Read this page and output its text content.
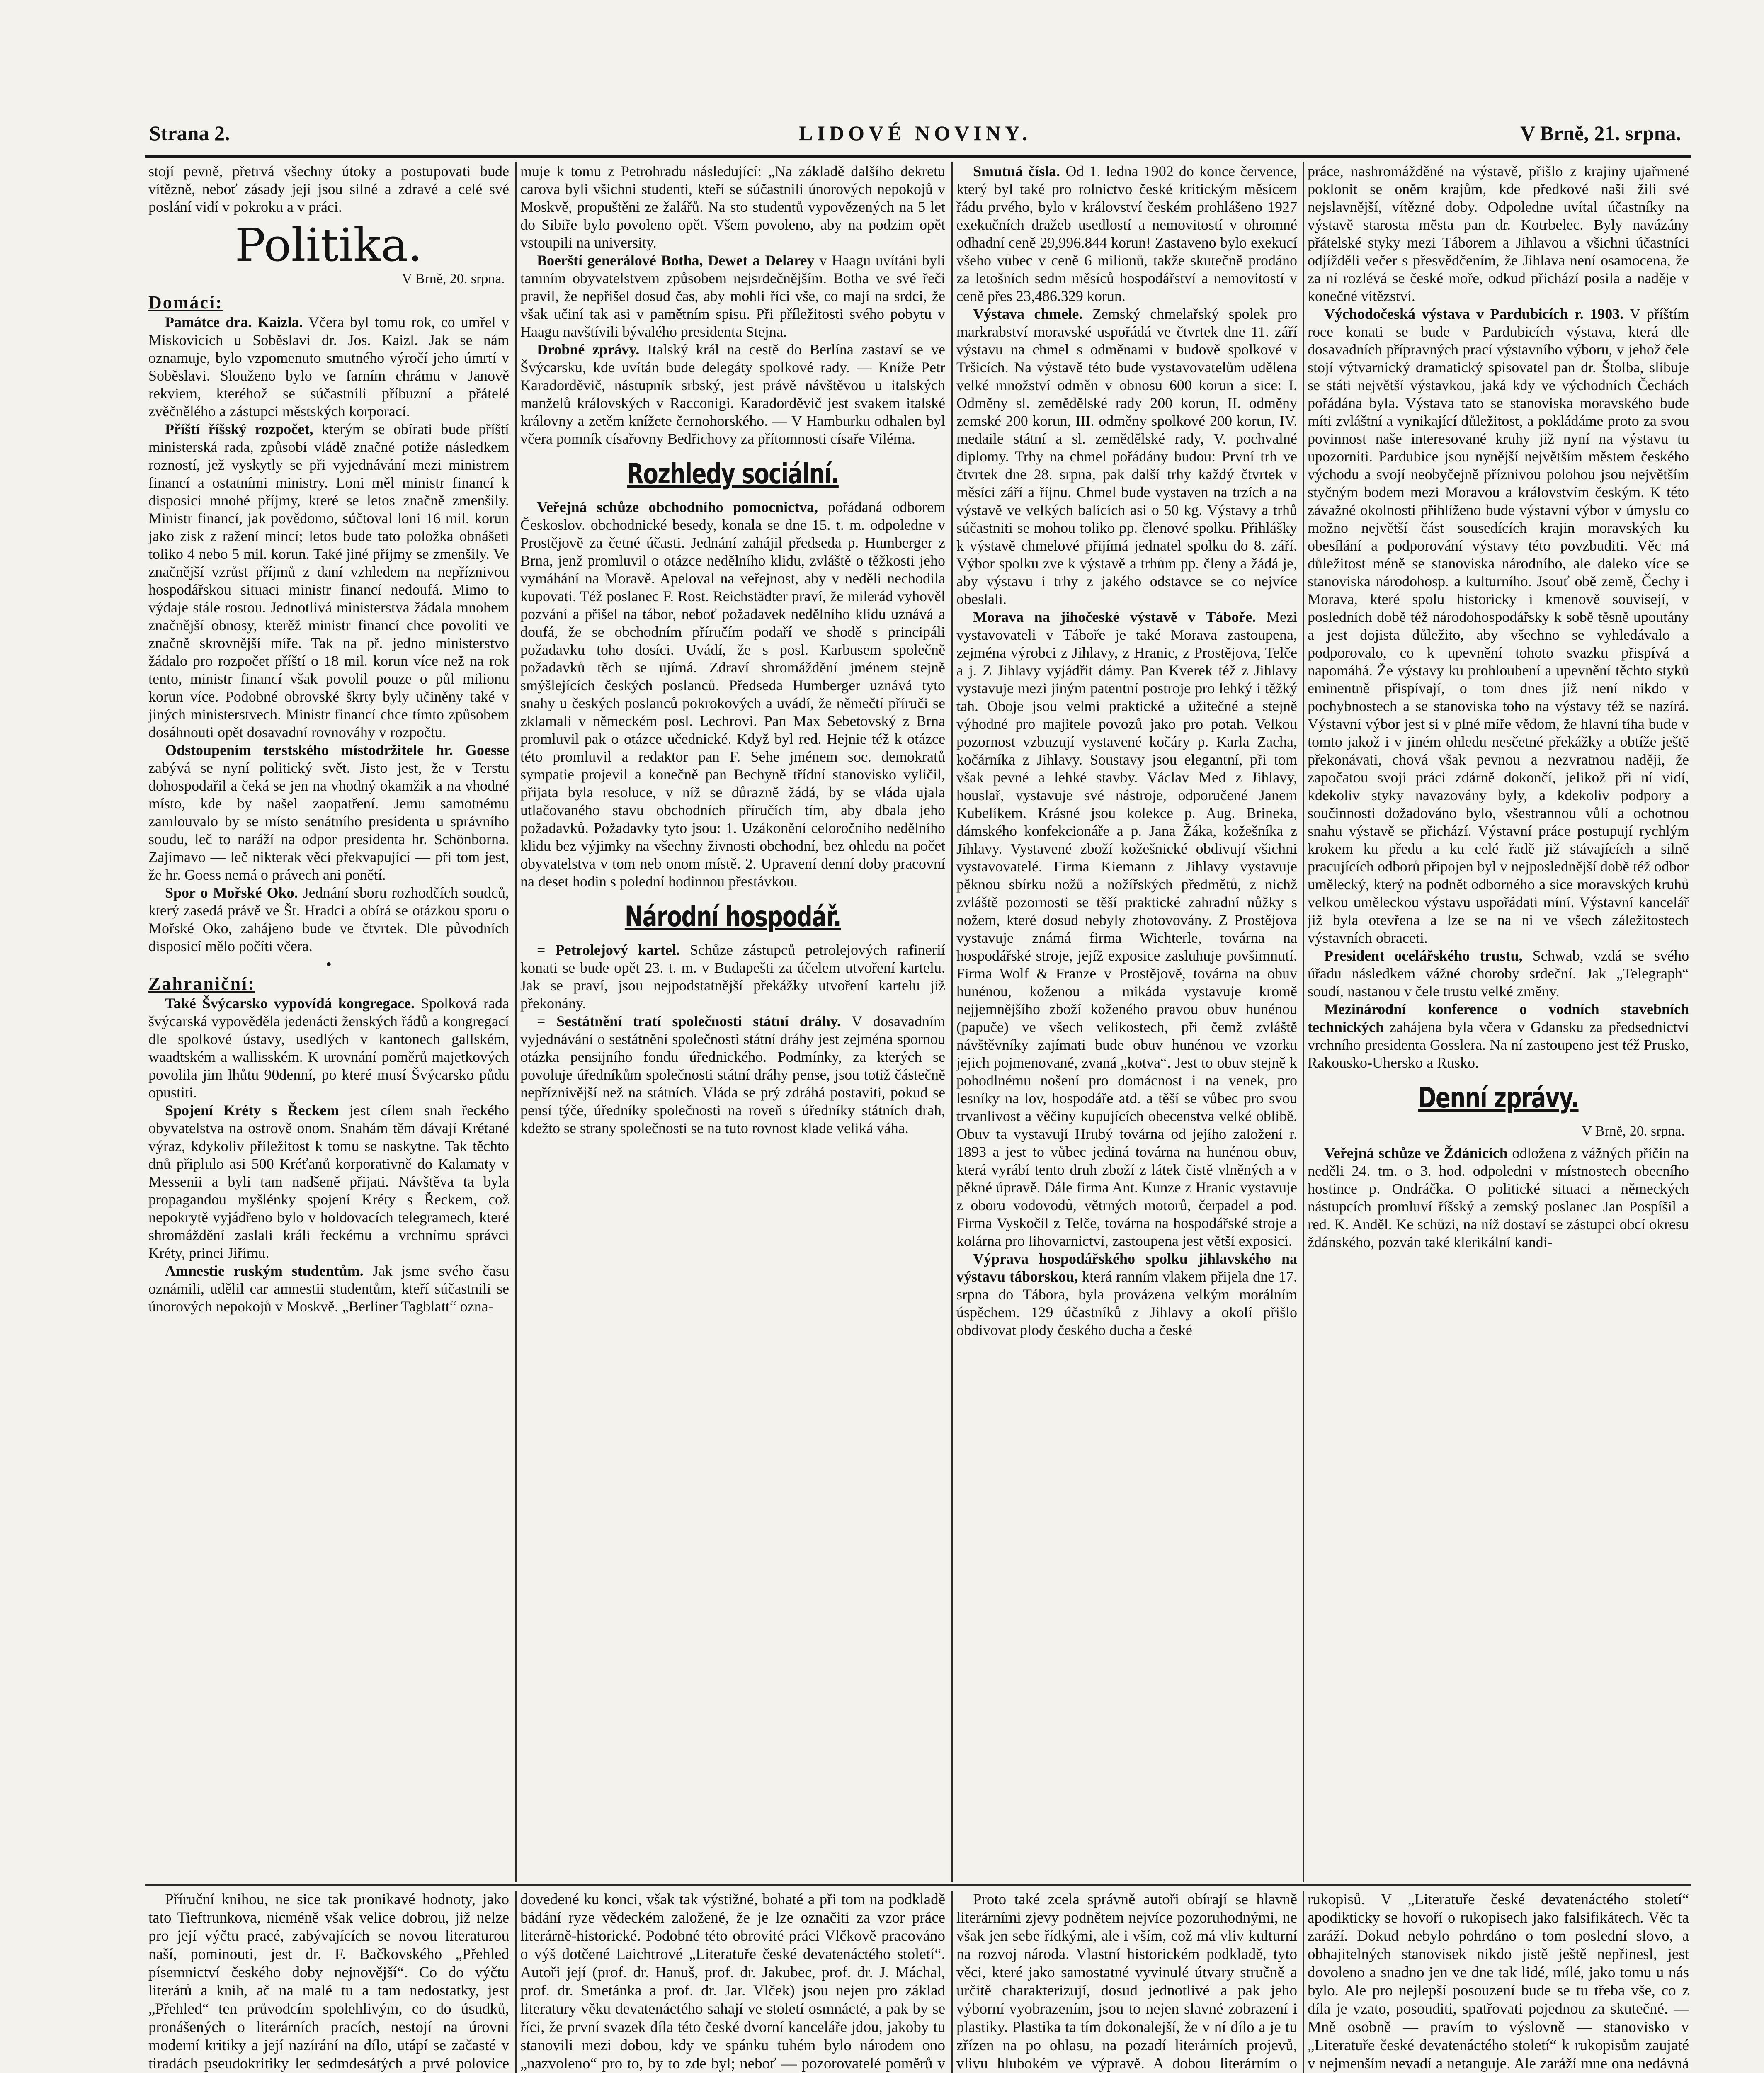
Strana 2.	LIDOVÉ NOVINY.	V Brně, 21. srpna.

stojí pevně, přetrvá všechny útoky a postupovati bude vítězně, neboť zásady její jsou silné a zdravé a celé své poslání vidí v pokroku a v práci.

Politika.
V Brně, 20. srpna.

Domácí:

Památce dra. Kaizla. Včera byl tomu rok, co umřel v Miskovicích u Soběslavi dr. Jos. Kaizl. Jak se nám oznamuje, bylo vzpomenuto smutného výročí jeho úmrtí v Soběslavi. Slouženo bylo ve farním chrámu v Janově rekviem, kteréhož se súčastnili příbuzní a přátelé zvěčnělého a zástupci městských korporací.

Příští říšský rozpočet, kterým se obírati bude příští ministerská rada, způsobí vládě značné potíže následkem rozností, jež vyskytly se při vyjednávání mezi ministrem financí a ostatními ministry. Loni měl ministr financí k disposici mnohé příjmy, které se letos značně zmenšily. Ministr financí, jak povědomo, súčtoval loni 16 mil. korun jako zisk z ražení mincí; letos bude tato položka obnášeti toliko 4 nebo 5 mil. korun. Také jiné příjmy se zmenšily. Ve značnější vzrůst příjmů z daní vzhledem na nepříznivou hospodářskou situaci ministr financí nedoufá. Mimo to výdaje stále rostou. Jednotlivá ministerstva žádala mnohem značnější obnosy, kterěž ministr financí chce povoliti ve značně skrovnější míře. Tak na př. jedno ministerstvo žádalo pro rozpočet příští o 18 mil. korun více než na rok tento, ministr financí však povolil pouze o půl milionu korun více. Podobné obrovské škrty byly učiněny také v jiných ministerstvech. Ministr financí chce tímto způsobem dosáhnouti opět dosavadní rovnováhy v rozpočtu.

Odstoupením terstského místodržitele hr. Goesse zabývá se nyní politický svět. Jisto jest, že v Terstu dohospodařil a čeká se jen na vhodný okamžik a na vhodné místo, kde by našel zaopatření. Jemu samotnému zamlouvalo by se místo senátního presidenta u správního soudu, leč to naráží na odpor presidenta hr. Schönborna. Zajímavo — leč nikterak věcí překvapující — při tom jest, že hr. Goess nemá o právech ani ponětí.

Spor o Mořské Oko. Jednání sboru rozhodčích soudců, který zasedá právě ve Št. Hradci a obírá se otázkou sporu o Mořské Oko, zahájeno bude ve čtvrtek. Dle původních disposicí mělo počíti včera.

•

Zahraniční:

Také Švýcarsko vypovídá kongregace. Spolková rada švýcarská vypověděla jedenácti ženských řádů a kongregací dle spolkové ústavy, usedlých v kantonech gallském, waadtském a wallisském. K urovnání poměrů majetkových povolila jim lhůtu 90denní, po které musí Švýcarsko půdu opustiti.

Spojení Kréty s Řeckem jest cílem snah řeckého obyvatelstva na ostrově onom. Snahám těm dávají Krétané výraz, kdykoliv příležitost k tomu se naskytne. Tak těchto dnů připlulo asi 500 Kréťanů korporativně do Kalamaty v Messenii a byli tam nadšeně přijati. Návštěva ta byla propagandou myšlénky spojení Kréty s Řeckem, což nepokrytě vyjádřeno bylo v holdovacích telegramech, které shromáždění zaslali králi řeckému a vrchnímu správci Kréty, princi Jiřímu.

Amnestie ruským studentům. Jak jsme svého času oznámili, udělil car amnestii studentům, kteří súčastnili se únorových nepokojů v Moskvě. „Berliner Tagblatt“ ozna-

muje k tomu z Petrohradu následující: „Na základě dalšího dekretu carova byli všichni studenti, kteří se súčastnili únorových nepokojů v Moskvě, propuštěni ze žalářů. Na sto studentů vypovězených na 5 let do Sibiře bylo povoleno opět. Všem povoleno, aby na podzim opět vstoupili na university.

Boerští generálové Botha, Dewet a Delarey v Haagu uvítáni byli tamním obyvatelstvem způsobem nejsrdečnějším. Botha ve své řeči pravil, že nepřišel dosud čas, aby mohli říci vše, co mají na srdci, že však učiní tak asi v pamětním spisu. Při příležitosti svého pobytu v Haagu navštívili bývalého presidenta Stejna.

Drobné zprávy. Italský král na cestě do Berlína zastaví se ve Švýcarsku, kde uvítán bude delegáty spolkové rady. — Kníže Petr Karadorděvič, nástupník srbský, jest právě návštěvou u italských manželů královských v Racconigi. Karadorděvič jest svakem italské královny a zetěm knížete černohorského. — V Hamburku odhalen byl včera pomník císařovny Bedřichovy za přítomnosti císaře Viléma.

Rozhledy sociální.

Veřejná schůze obchodního pomocnictva, pořádaná odborem Českoslov. obchodnické besedy, konala se dne 15. t. m. odpoledne v Prostějově za četné účasti. Jednání zahájil předseda p. Humberger z Brna, jenž promluvil o otázce nedělního klidu, zvláště o těžkosti jeho vymáhání na Moravě. Apeloval na veřejnost, aby v neděli nechodila kupovati. Též poslanec F. Rost. Reichstädter praví, že milerád vyhověl pozvání a přišel na tábor, neboť požadavek nedělního klidu uznává a doufá, že se obchodním příručím podaří ve shodě s principáli požadavku toho dosíci. Uvádí, že s posl. Karbusem společně požadavků těch se ujímá. Zdraví shromáždění jménem stejně smýšlejících českých poslanců. Předseda Humberger uznává tyto snahy u českých poslanců pokrokových a uvádí, že němečtí příruči se zklamali v německém posl. Lechrovi. Pan Max Sebetovský z Brna promluvil pak o otázce učednické. Když byl red. Hejnie též k otázce této promluvil a redaktor pan F. Sehe jménem soc. demokratů sympatie projevil a konečně pan Bechyně třídní stanovisko vyličil, přijata byla resoluce, v níž se důrazně žádá, by se vláda ujala utlačovaného stavu obchodních příručích tím, aby dbala jeho požadavků. Požadavky tyto jsou: 1. Uzákonění celoročního nedělního klidu bez výjimky na všechny živnosti obchodní, bez ohledu na počet obyvatelstva v tom neb onom místě. 2. Upravení denní doby pracovní na deset hodin s polední hodinnou přestávkou.

Národní hospodář.

= Petrolejový kartel. Schůze zástupců petrolejových rafinerií konati se bude opět 23. t. m. v Budapešti za účelem utvoření kartelu. Jak se praví, jsou nejpodstatnější překážky utvoření kartelu již překonány.

= Sestátnění tratí společnosti státní dráhy. V dosavadním vyjednávání o sestátnění společnosti státní dráhy jest zejména spornou otázka pensijního fondu úřednického. Podmínky, za kterých se povoluje úředníkům společnosti státní dráhy pense, jsou totiž částečně nepříznivější než na státních. Vláda se prý zdráhá postaviti, pokud se pensí týče, úředníky společnosti na roveň s úředníky státních drah, kdežto se strany společnosti se na tuto rovnost klade veliká váha.

Smutná čísla. Od 1. ledna 1902 do konce července, který byl také pro rolnictvo české kritickým měsícem řádu prvého, bylo v království českém prohlášeno 1927 exekučních dražeb usedlostí a nemovitostí v ohromné odhadní ceně 29,996.844 korun! Zastaveno bylo exekucí všeho vůbec v ceně 6 milionů, takže skutečně prodáno za letošních sedm měsíců hospodářství a nemovitostí v ceně přes 23,486.329 korun.

Výstava chmele. Zemský chmelařský spolek pro markrabství moravské uspořádá ve čtvrtek dne 11. září výstavu na chmel s odměnami v budově spolkové v Tršicích. Na výstavě této bude vystavovatelům udělena velké množství odměn v obnosu 600 korun a sice: I. Odměny sl. zemědělské rady 200 korun, II. odměny zemské 200 korun, III. odměny spolkové 200 korun, IV. medaile státní a sl. zemědělské rady, V. pochvalné diplomy. Trhy na chmel pořádány budou: První trh ve čtvrtek dne 28. srpna, pak další trhy každý čtvrtek v měsíci září a říjnu. Chmel bude vystaven na trzích a na výstavě ve velkých balících asi o 50 kg. Výstavy a trhů súčastniti se mohou toliko pp. členové spolku. Přihlášky k výstavě chmelové přijímá jednatel spolku do 8. září. Výbor spolku zve k výstavě a trhům pp. členy a žádá je, aby výstavu i trhy z jakého odstavce se co nejvíce obeslali.

Morava na jihočeské výstavě v Táboře. Mezi vystavovateli v Táboře je také Morava zastoupena, zejména výrobci z Jihlavy, z Hranic, z Prostějova, Telče a j. Z Jihlavy vyjádřit dámy. Pan Kverek též z Jihlavy vystavuje mezi jiným patentní postroje pro lehký i těžký tah. Oboje jsou velmi praktické a užitečné a stejně výhodné pro majitele povozů jako pro potah. Velkou pozornost vzbuzují vystavené kočáry p. Karla Zacha, kočárníka z Jihlavy. Soustavy jsou elegantní, při tom však pevné a lehké stavby. Václav Med z Jihlavy, houslař, vystavuje své nástroje, odporučené Janem Kubelíkem. Krásné jsou kolekce p. Aug. Brineka, dámského konfekcionáře a p. Jana Žáka, kožešníka z Jihlavy. Vystavené zboží kožešnické obdivují všichni vystavovatelé. Firma Kiemann z Jihlavy vystavuje pěknou sbírku nožů a nožířských předmětů, z nichž zvláště pozornosti se těší praktické zahradní nůžky s nožem, které dosud nebyly zhotovovány. Z Prostějova vystavuje známá firma Wichterle, továrna na hospodářské stroje, jejíž exposice zasluhuje povšimnutí. Firma Wolf & Franze v Prostějově, továrna na obuv hunénou, koženou a mikáda vystavuje kromě nejjemnějšího zboží koženého pravou obuv hunénou (papuče) ve všech velikostech, při čemž zvláště návštěvníky zajímati bude obuv hunénou ve vzorku jejich pojmenované, zvaná „kotva“. Jest to obuv stejně k pohodlnému nošení pro domácnost i na venek, pro lesníky na lov, hospodáře atd. a těší se vůbec pro svou trvanlivost a věčiny kupujících obecenstva velké oblibě. Obuv ta vystavují Hrubý továrna od jejího založení r. 1893 a jest to vůbec jediná továrna na hunénou obuv, která vyrábí tento druh zboží z látek čistě vlněných a v pěkné úpravě. Dále firma Ant. Kunze z Hranic vystavuje z oboru vodovodů, větrných motorů, čerpadel a pod. Firma Vyskočil z Telče, továrna na hospodářské stroje a kolárna pro lihovarnictví, zastoupena jest větší exposicí.

Výprava hospodářského spolku jihlavského na výstavu táborskou, která ranním vlakem přijela dne 17. srpna do Tábora, byla provázena velkým morálním úspěchem. 129 účastníků z Jihlavy a okolí přišlo obdivovat plody českého ducha a české

práce, nashromážděné na výstavě, přišlo z krajiny ujařmené poklonit se oněm krajům, kde předkové naši žili své nejslavnější, vítězné doby. Odpoledne uvítal účastníky na výstavě starosta města pan dr. Kotrbelec. Byly navázány přátelské styky mezi Táborem a Jihlavou a všichni účastníci odjížděli večer s přesvědčením, že Jihlava není osamocena, že za ní rozlévá se české moře, odkud přichází posila a naděje v konečné vítězství.

Východočeská výstava v Pardubicích r. 1903. V příštím roce konati se bude v Pardubicích výstava, která dle dosavadních přípravných prací výstavního výboru, v jehož čele stojí výtvarnický dramatický spisovatel pan dr. Štolba, slibuje se státi největší výstavkou, jaká kdy ve východních Čechách pořádána byla. Výstava tato se stanoviska moravského bude míti zvláštní a vynikající důležitost, a pokládáme proto za svou povinnost naše interesované kruhy již nyní na výstavu tu upozorniti. Pardubice jsou nynější největším městem českého východu a svojí neobyčejně příznivou polohou jsou největším styčným bodem mezi Moravou a královstvím českým. K této závažné okolnosti přihlíženo bude výstavní výbor v úmyslu co možno největší část sousedících krajin moravských ku obesílání a podporování výstavy této povzbuditi. Věc má důležitost méně se stanoviska národního, ale daleko více se stanoviska národohosp. a kulturního. Jsouť obě země, Čechy i Morava, které spolu historicky i kmenově souvisejí, v posledních době též národohospodářsky k sobě těsně upoutány a jest dojista důležito, aby všechno se vyhledávalo a podporovalo, co k upevnění tohoto svazku přispívá a napomáhá. Že výstavy ku prohloubení a upevnění těchto styků eminentně přispívají, o tom dnes již není nikdo v pochybnostech a se stanoviska toho na výstavy též se nazírá. Výstavní výbor jest si v plné míře vědom, že hlavní tíha bude v tomto jakož i v jiném ohledu nesčetné překážky a obtíže ještě překonávati, chová však pevnou a nezvratnou naději, že započatou svoji práci zdárně dokončí, jelikož při ní vidí, kdekoliv styky navazovány byly, a kdekoliv podpory a součinnosti dožadováno bylo, všestrannou vůlí a ochotnou snahu výstavě se přichází. Výstavní práce postupují rychlým krokem ku předu a ku celé řadě již stávajících a silně pracujících odborů připojen byl v nejposlednější době též odbor umělecký, který na podnět odborného a sice moravských kruhů velkou uměleckou výstavu uspořádati míní. Výstavní kancelář již byla otevřena a lze se na ni ve všech záležitostech výstavních obraceti.

President ocelářského trustu, Schwab, vzdá se svého úřadu následkem vážné choroby srdeční. Jak „Telegraph“ soudí, nastanou v čele trustu velké změny.

Mezinárodní konference o vodních stavebních technických zahájena byla včera v Gdansku za předsednictví vrchního presidenta Gosslera. Na ní zastoupeno jest též Prusko, Rakousko-Uhersko a Rusko.

Denní zprávy.
V Brně, 20. srpna.

Veřejná schůze ve Ždánicích odložena z vážných příčin na neděli 24. tm. o 3. hod. odpoledni v místnostech obecního hostince p. Ondráčka. O politické situaci a německých nástupcích promluví říšský a zemský poslanec Jan Pospíšil a red. K. Anděl. Ke schůzi, na níž dostaví se zástupci obcí okresu ždánského, pozván také klerikální kandi-

Příruční knihou, ne sice tak pronikavé hodnoty, jako tato Tieftrunkova, nicméně však velice dobrou, již nelze pro její výčtu pracé, zabývajících se novou literaturou naší, pominouti, jest dr. F. Bačkovského „Přehled písemnictví českého doby nejnovější“. Co do výčtu literátů a knih, ač na malé tu a tam nedostatky, jest „Přehled“ ten průvodcím spolehlivým, co do úsudků, pronášených o literárních pracích, nestojí na úrovni moderní kritiky a její nazírání na dílo, utápí se začasté v tiradách pseudokritiky let sedmdesátých a prvé polovice

dovedené ku konci, však tak výstižné, bohaté a při tom na podkladě bádání ryze vědeckém založené, že je lze označiti za vzor práce literárně-historické. Podobné této obrovité práci Vlčkově pracováno o výš dotčené Laichtrové „Literatuře české devatenáctého století“. Autoři její (prof. dr. Hanuš, prof. dr. Jakubec, prof. dr. J. Máchal, prof. dr. Smetánka a prof. dr. Jar. Vlček) jsou nejen pro základ literatury věku devatenáctého sahají ve století osmnácté, a pak by se říci, že první svazek díla této české dvorní kanceláře jdou, jakoby tu stanovili mezi dobou, kdy ve spánku tuhém bylo národem ono „nazvoleno“ pro to, by to zde byl; neboť — pozorovatelé poměrů v

Proto také zcela správně autoři obírají se hlavně literárními zjevy podnětem nejvíce pozoruhodnými, ne však jen sebe řídkými, ale i vším, což má vliv kulturní na rozvoj národa. Vlastní historickém podkladě, tyto věci, které jako samostatné vyvinulé útvary stručně a určitě charakterizují, dosud jednotlivé a pak jeho výborní vyobrazením, jsou to nejen slavné zobrazení i plastiky. Plastika ta tím dokonalejší, že v ní dílo a je tu zřízen na po ohlasu, na pozadí literárních projevů, vlivu hlubokém ve výpravě. A dobou literárním o

rukopisů. V „Literatuře české devatenáctého století“ apodikticky se hovoří o rukopisech jako falsifikátech. Věc ta zaráží. Dokud nebylo pohrdáno o tom poslední slovo, a obhajitelných stanovisek nikdo jistě ještě nepřinesl, jest dovoleno a snadno jen ve dne tak lidé, mílé, jako tomu u nás bylo. Ale pro nejlepší posouzení bude se tu třeba vše, co z díla je vzato, posouditi, spatřovati pojednou za skutečné. — Mně osobně — pravím to výslovně — stanovisko v „Literatuře české devatenáctého století“ k rukopisům zaujaté v nejmenším nevadí a netanguje. Ale zaráží mne ona nedávná
